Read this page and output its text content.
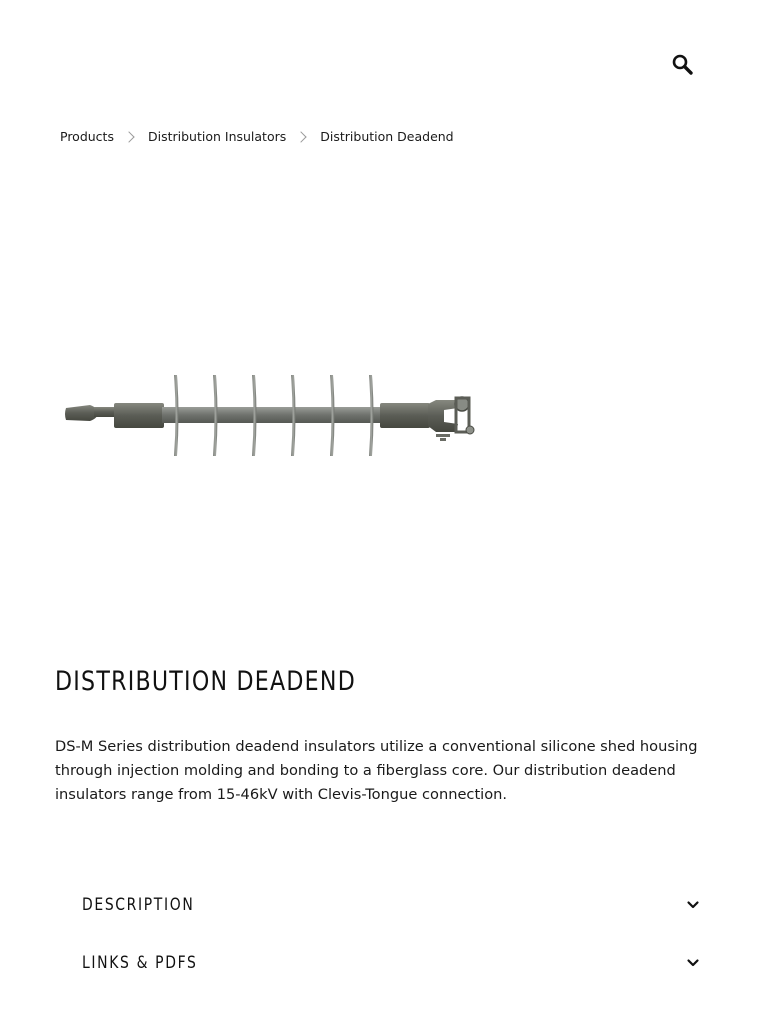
Products	Distribution Insulators	Distribution Deadend
DISTRIBUTION DEADEND

DS-M Series distribution deadend insulators utilize a conventional silicone shed housing through injection molding and bonding to a fiberglass core. Our distribution deadend insulators range from 15-46kV with Clevis-Tongue connection.

DESCRIPTION
LINKS & PDFS
